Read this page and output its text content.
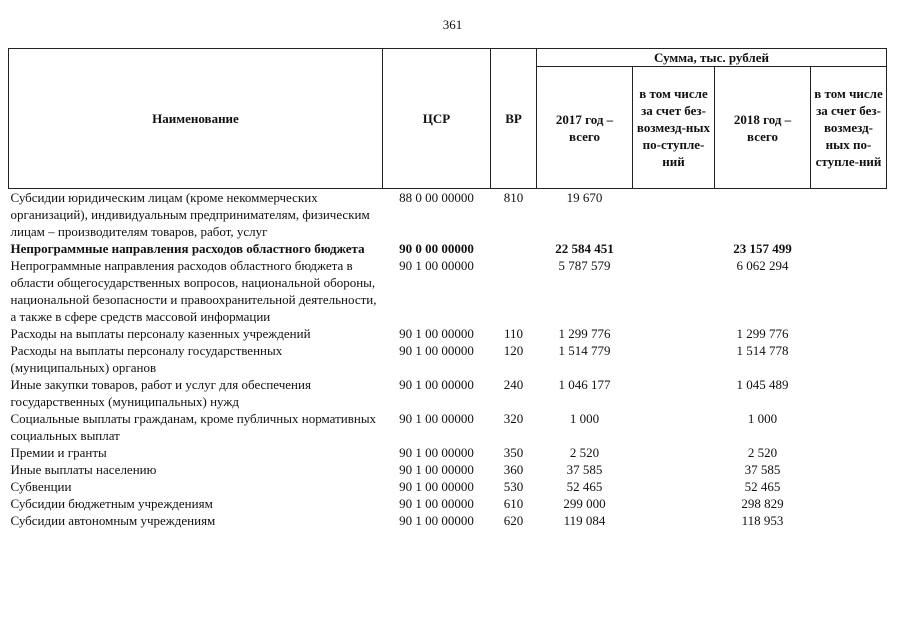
361
Наименование	ЦСР	ВР	Сумма, тыс. рублей			
			2017 год – всего	в том числе за счет без-возмезд-ных по-ступле-ний	2018 год – всего	в том числе за счет без-возмезд-ных по-ступле-ний
Субсидии юридическим лицам (кроме некоммерческих организаций), индивидуальным предпринимателям, физическим лицам – производителям товаров, работ, услуг	88 0 00 00000	810	19 670			
Непрограммные направления расходов областного бюджета	90 0 00 00000		22 584 451		23 157 499	
Непрограммные направления расходов областного бюджета в области общегосударственных вопросов, национальной обороны, национальной безопасности и правоохранительной деятельности, а также в сфере средств массовой информации	90 1 00 00000		5 787 579		6 062 294	
Расходы на выплаты персоналу казенных учреждений	90 1 00 00000	110	1 299 776		1 299 776	
Расходы на выплаты персоналу государственных (муниципальных) органов	90 1 00 00000	120	1 514 779		1 514 778	
Иные закупки товаров, работ и услуг для обеспечения государственных (муниципальных) нужд	90 1 00 00000	240	1 046 177		1 045 489	
Социальные выплаты гражданам, кроме публичных нормативных социальных выплат	90 1 00 00000	320	1 000		1 000	
Премии и гранты	90 1 00 00000	350	2 520		2 520	
Иные выплаты населению	90 1 00 00000	360	37 585		37 585	
Субвенции	90 1 00 00000	530	52 465		52 465	
Субсидии бюджетным учреждениям	90 1 00 00000	610	299 000		298 829	
Субсидии автономным учреждениям	90 1 00 00000	620	119 084		118 953	
